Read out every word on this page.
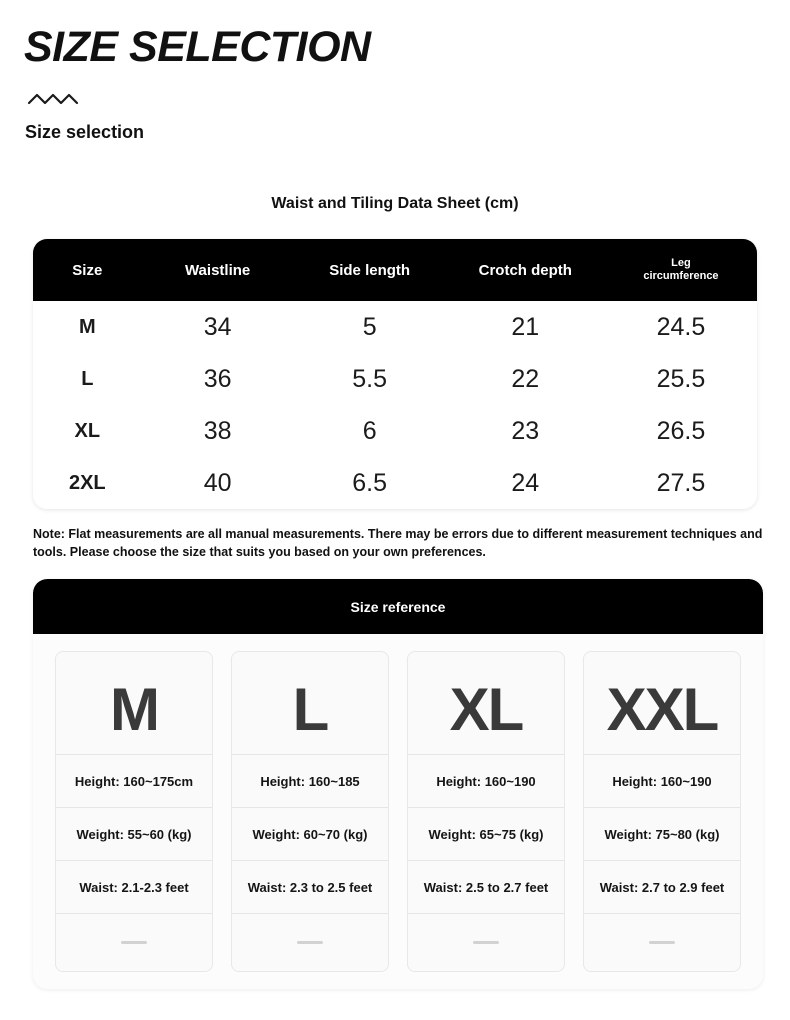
SIZE SELECTION
Size selection
Waist and Tiling Data Sheet (cm)
Size	Waistline	Side length	Crotch depth	Leg
circumference
M	34	5	21	24.5
L	36	5.5	22	25.5
XL	38	6	23	26.5
2XL	40	6.5	24	27.5
Note: Flat measurements are all manual measurements. There may be errors due to different measurement techniques and tools. Please choose the size that suits you based on your own preferences.
Size reference
M
Height: 160~175cm
Weight: 55~60 (kg)
Waist: 2.1-2.3 feet
L
Height: 160~185
Weight: 60~70 (kg)
Waist: 2.3 to 2.5 feet
XL
Height: 160~190
Weight: 65~75 (kg)
Waist: 2.5 to 2.7 feet
XXL
Height: 160~190
Weight: 75~80 (kg)
Waist: 2.7 to 2.9 feet
